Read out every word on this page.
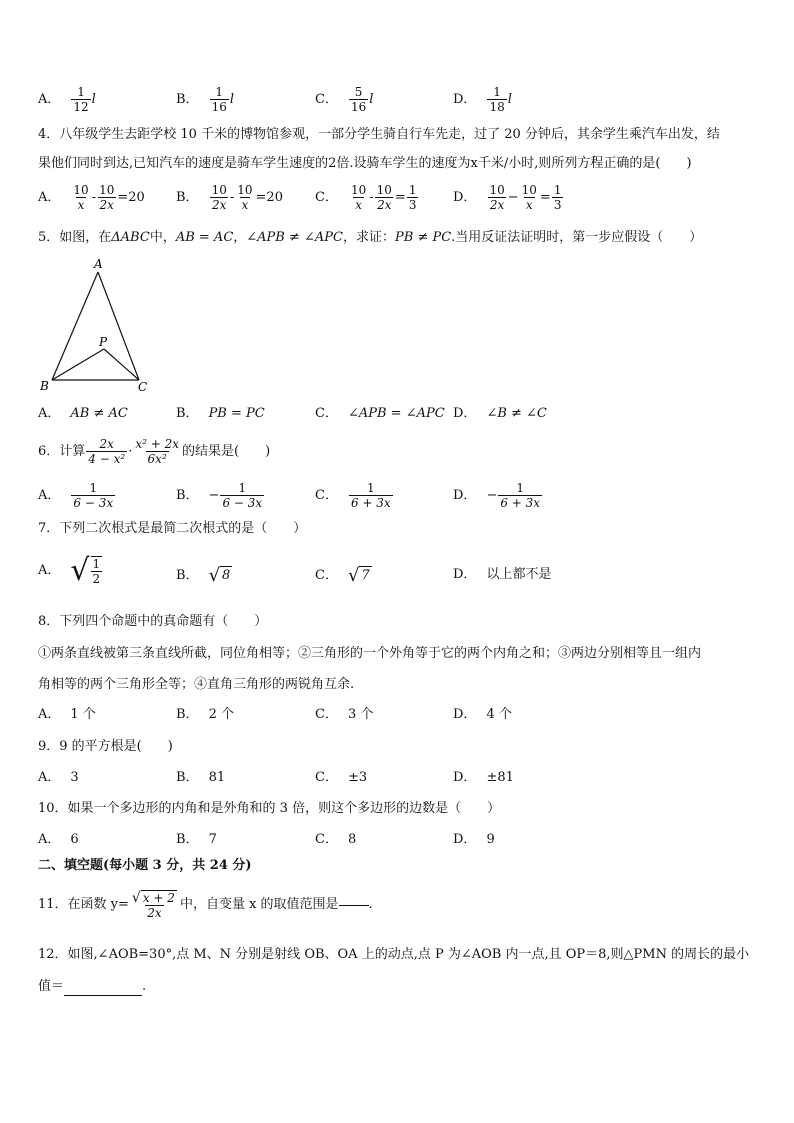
A． $\frac{1}{12}$ l	B． $\frac{1}{16}$ l	C． $\frac{5}{16}$ l	D． $\frac{1}{18}$ l
4．八年级学生去距学校 10 千米的博物馆参观，一部分学生骑自行车先走，过了 20 分钟后，其余学生乘汽车出发，结
果他们同时到达,已知汽车的速度是骑车学生速度的2倍.设骑车学生的速度为x千米/小时,则所列方程正确的是(　　)
A． $\frac{10}{x} - \frac{10}{2x} =20$ B． $\frac{10}{2x} - \frac{10}{x} =20$ C． $\frac{10}{x} - \frac{10}{2x} = \frac{1}{3}$	D． $\frac{10}{2x} - \frac{10}{x} = \frac{1}{3}$
5．如图，在ΔABC中，AB = AC，∠APB ≠ ∠APC，求证：PB ≠ PC.当用反证法证明时，第一步应假设（　　）
A
B	C
P
A． AB ≠ AC	B． PB = PC	C． ∠APB = ∠APC D． ∠B ≠ ∠C
6．计算 $\frac{2x}{\text{4 − x²}} \cdot \frac{\text{x² + 2x}}{\text{6x²}}$ 的结果是(　　)
A． $\frac{1}{6 - 3x}$	B． − $\frac{1}{6 - 3x}$	C． $\frac{1}{6 + 3x}$	D． − $\frac{1}{6 + 3x}$
7．下列二次根式是最简二次根式的是（　　）
A． √ $\frac{1}{2}$	B． √ 8	C． √ 7	D． 以上都不是
8．下列四个命题中的真命题有（　　）
①两条直线被第三条直线所截，同位角相等；②三角形的一个外角等于它的两个内角之和；③两边分别相等且一组内
角相等的两个三角形全等；④直角三角形的两锐角互余.
A． 1 个	B． 2 个	C． 3 个	D． 4 个
9．9 的平方根是(　　)
A． 3	B． 81	C． ±3	D． ±81
10．如果一个多边形的内角和是外角和的 3 倍，则这个多边形的边数是（　　）
A． 6	B． 7	C． 8	D． 9
二、填空题(每小题 3 分，共 24 分)
11．在函数 $y= \frac{√ x + 2}{2x}$ 中，自变量 x 的取值范围是 .
12．如图,∠AOB=30°,点 M、N 分别是射线 OB、OA 上的动点,点 P 为∠AOB 内一点,且 OP＝8,则△PMN 的周长的最小
值＝	.
